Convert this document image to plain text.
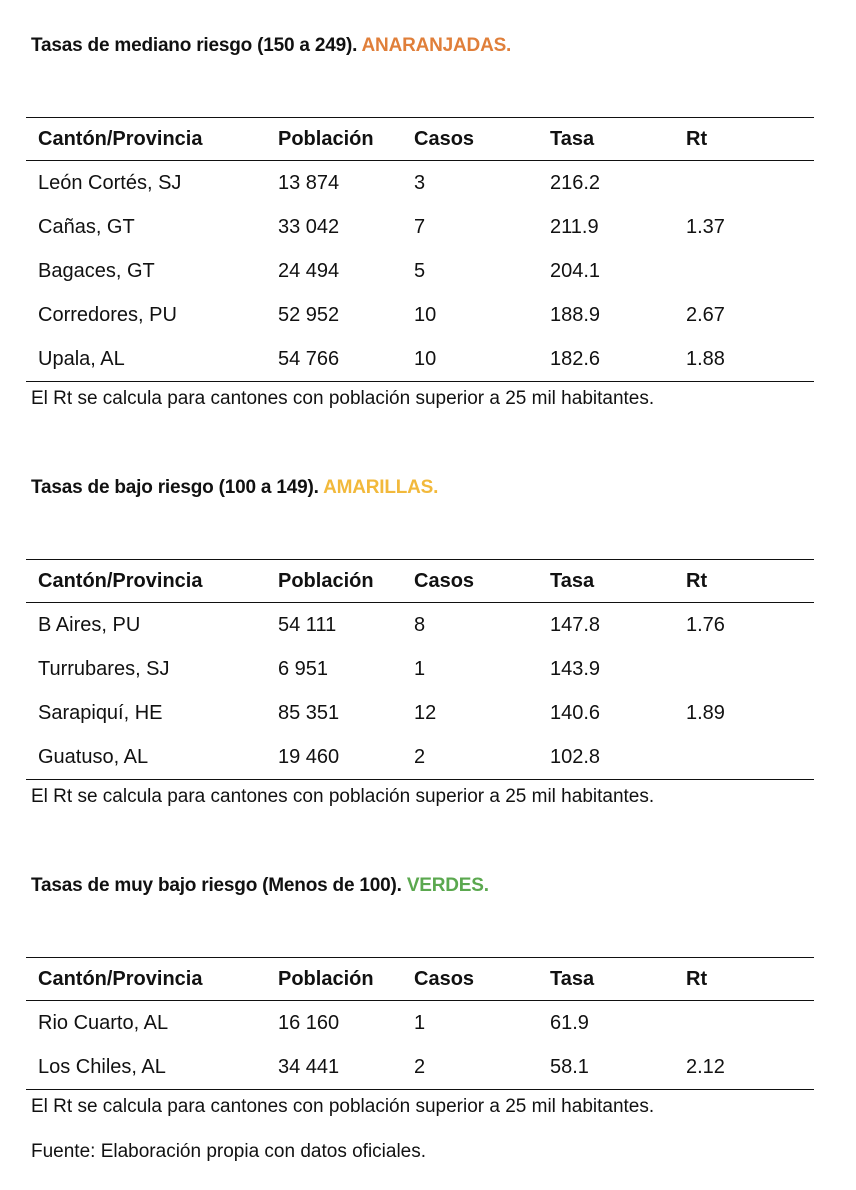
Tasas de mediano riesgo (150 a 249). ANARANJADAS.
Cantón/Provincia	Población	Casos	Tasa	Rt
León Cortés, SJ	13 874	3	216.2	
Cañas, GT	33 042	7	211.9	1.37
Bagaces, GT	24 494	5	204.1	
Corredores, PU	52 952	10	188.9	2.67
Upala, AL	54 766	10	182.6	1.88
El Rt se calcula para cantones con población superior a 25 mil habitantes.
Tasas de bajo riesgo (100 a 149). AMARILLAS.
Cantón/Provincia	Población	Casos	Tasa	Rt
B Aires, PU	54 111	8	147.8	1.76
Turrubares, SJ	6 951	1	143.9	
Sarapiquí, HE	85 351	12	140.6	1.89
Guatuso, AL	19 460	2	102.8	
El Rt se calcula para cantones con población superior a 25 mil habitantes.
Tasas de muy bajo riesgo (Menos de 100). VERDES.
Cantón/Provincia	Población	Casos	Tasa	Rt
Rio Cuarto, AL	16 160	1	61.9	
Los Chiles, AL	34 441	2	58.1	2.12
El Rt se calcula para cantones con población superior a 25 mil habitantes.
Fuente: Elaboración propia con datos oficiales.
